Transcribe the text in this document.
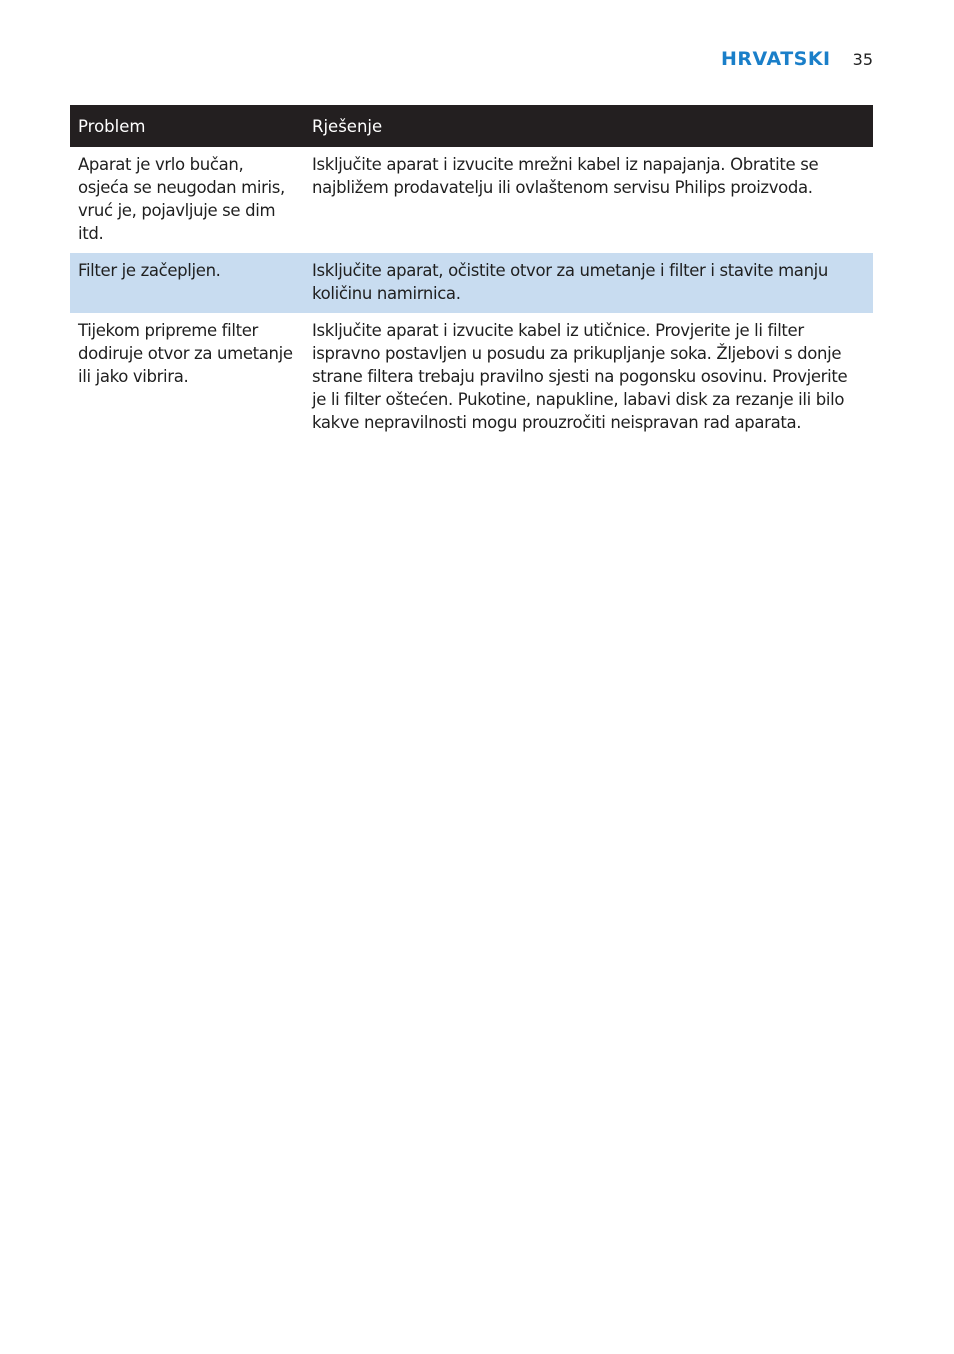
HRVATSKI 35
Problem	Rješenje
Aparat je vrlo bučan, osjeća se neugodan miris, vruć je, pojavljuje se dim itd.	Isključite aparat i izvucite mrežni kabel iz napajanja. Obratite se najbližem prodavatelju ili ovlaštenom servisu Philips proizvoda.
Filter je začepljen.	Isključite aparat, očistite otvor za umetanje i filter i stavite manju količinu namirnica.
Tijekom pripreme filter dodiruje otvor za umetanje ili jako vibrira.	Isključite aparat i izvucite kabel iz utičnice. Provjerite je li filter ispravno postavljen u posudu za prikupljanje soka. Žljebovi s donje strane filtera trebaju pravilno sjesti na pogonsku osovinu. Provjerite je li filter oštećen. Pukotine, napukline, labavi disk za rezanje ili bilo kakve nepravilnosti mogu prouzročiti neispravan rad aparata.
